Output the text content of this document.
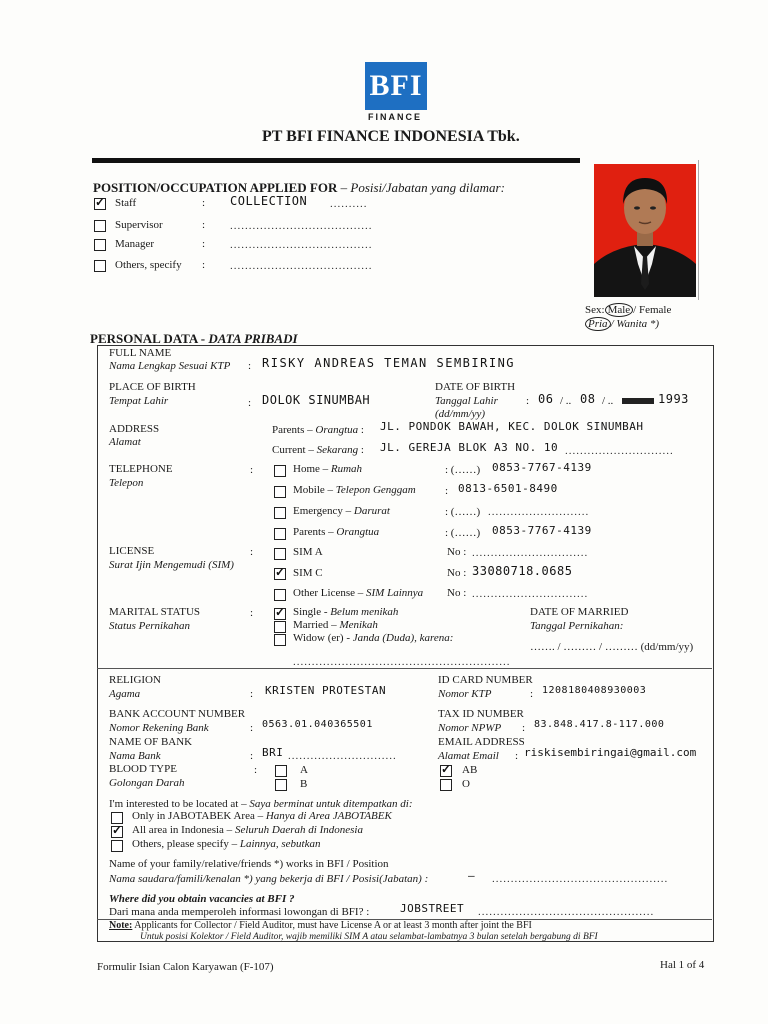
BFI
FINANCE
PT BFI FINANCE INDONESIA Tbk.
POSITION/OCCUPATION APPLIED FOR – Posisi/Jabatan yang dilamar:
✓
Staff	: COLLECTION ..........
Supervisor	: ......................................
Manager	: ......................................
Others, specify : ......................................
Sex: Male / Female
Pria / Wanita *)
PERSONAL DATA - DATA PRIBADI
FULL NAME
Nama Lengkap Sesuai KTP : RISKY ANDREAS TEMAN SEMBIRING
PLACE OF BIRTH
Tempat Lahir	: DOLOK SINUMBAH
DATE OF BIRTH
Tanggal Lahir
(dd/mm/yy)
: 06 / .. 08 / ..	1993
ADDRESS
Alamat
Parents – Orangtua : JL. PONDOK BAWAH, KEC. DOLOK SINUMBAH
Current – Sekarang : JL. GEREJA BLOK A3 NO. 10 .............................
TELEPHONE
Telepon
:	Home – Rumah	: (……) 0853-7767-4139
Mobile – Telepon Genggam	: 0813-6501-8490
Emergency – Darurat	: (……) ...........................
Parents – Orangtua	: (……) 0853-7767-4139
LICENSE
Surat Ijin Mengemudi (SIM)
:	SIM A	No : ...............................
✓
SIM C	No : 33080718.0685
Other License – SIM Lainnya No : ...............................
MARITAL STATUS
Status Pernikahan
:
✓	Single - Belum menikah
Married – Menikah
Widow (er) - Janda (Duda), karena:
..........................................................
DATE OF MARRIED
Tanggal Pernikahan:
……. / ……… / ……… (dd/mm/yy)
RELIGION
Agama	: KRISTEN PROTESTAN
ID CARD NUMBER
Nomor KTP	: 1208180408930003
BANK ACCOUNT NUMBER
Nomor Rekening Bank	: 0563.01.040365501
TAX ID NUMBER
Nomor NPWP : 83.848.417.8-117.000
NAME OF BANK
Nama Bank	: BRI .............................
EMAIL ADDRESS
Alamat Email : riskisembiringai@gmail.com
BLOOD TYPE
Golongan Darah
:	A
B
✓
AB
O
I'm interested to be located at – Saya berminat untuk ditempatkan di:
Only in JABOTABEK Area – Hanya di Area JABOTABEK
✓
All area in Indonesia – Seluruh Daerah di Indonesia
Others, please specify – Lainnya, sebutkan
Name of your family/relative/friends *) works in BFI / Position
Nama saudara/famili/kenalan *) yang bekerja di BFI / Posisi(Jabatan) :	— ...............................................
Where did you obtain vacancies at BFI ?
Dari mana anda memperoleh informasi lowongan di BFI? :	JOBSTREET ...............................................
Note: Applicants for Collector / Field Auditor, must have License A or at least 3 month after joint the BFI
Untuk posisi Kolektor / Field Auditor, wajib memiliki SIM A atau selambat-lambatnya 3 bulan setelah bergabung di BFI
Formulir Isian Calon Karyawan (F-107)	Hal 1 of 4
